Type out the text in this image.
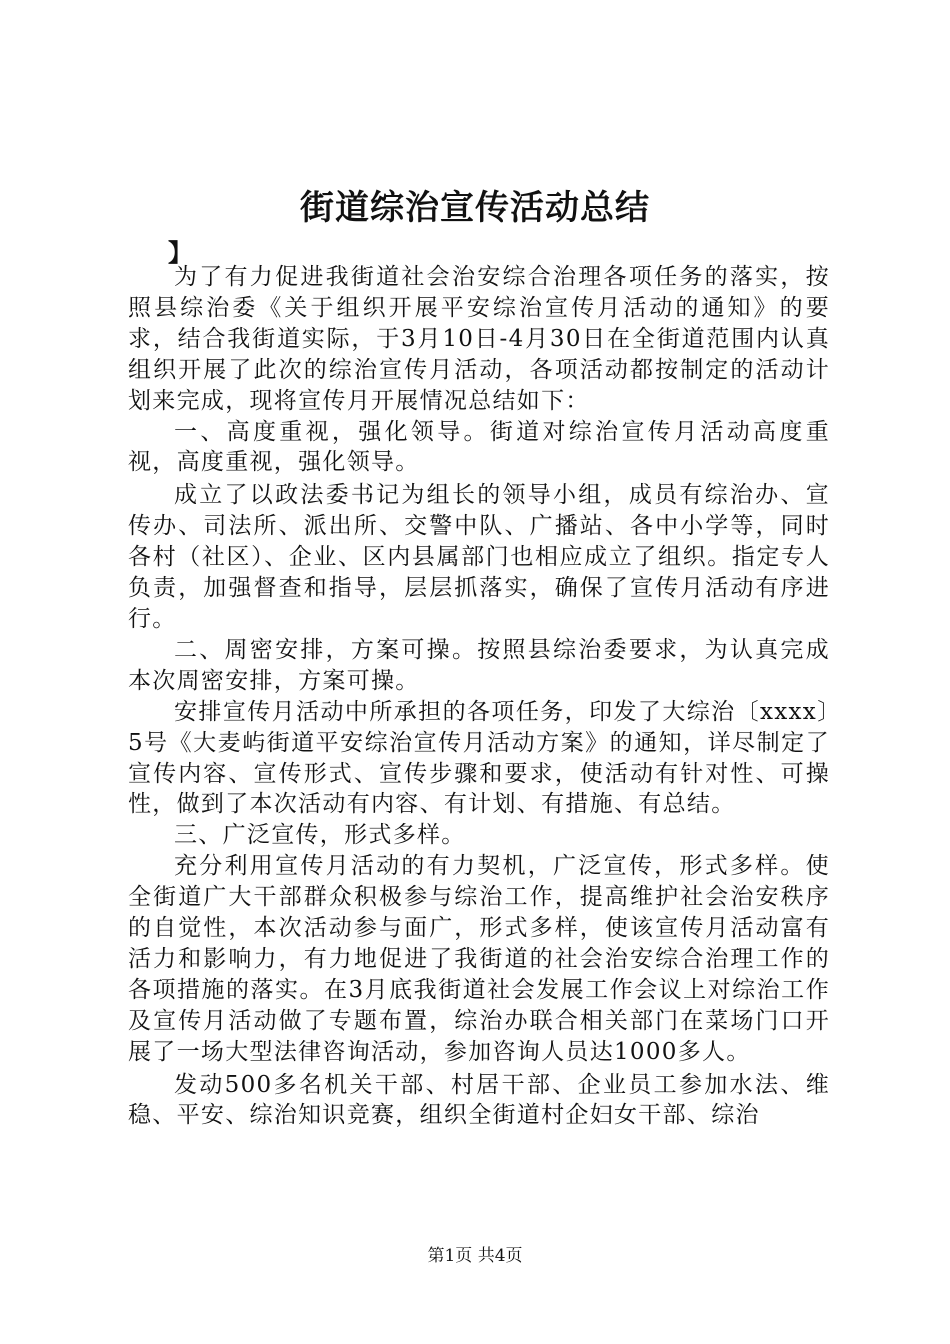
街道综治宣传活动总结
】

为了有力促进我街道社会治安综合治理各项任务的落实，按照县综治委《关于组织开展平安综治宣传月活动的通知》的要求，结合我街道实际，于3月10日-4月30日在全街道范围内认真组织开展了此次的综治宣传月活动，各项活动都按制定的活动计划来完成，现将宣传月开展情况总结如下：

一、高度重视，强化领导。街道对综治宣传月活动高度重视，高度重视，强化领导。

成立了以政法委书记为组长的领导小组，成员有综治办、宣传办、司法所、派出所、交警中队、广播站、各中小学等，同时各村（社区）、企业、区内县属部门也相应成立了组织。指定专人负责，加强督查和指导，层层抓落实，确保了宣传月活动有序进行。

二、周密安排，方案可操。按照县综治委要求，为认真完成本次周密安排，方案可操。

安排宣传月活动中所承担的各项任务，印发了大综治〔xxxx〕5号《大麦屿街道平安综治宣传月活动方案》的通知，详尽制定了宣传内容、宣传形式、宣传步骤和要求，使活动有针对性、可操性，做到了本次活动有内容、有计划、有措施、有总结。

三、广泛宣传，形式多样。

充分利用宣传月活动的有力契机，广泛宣传，形式多样。使全街道广大干部群众积极参与综治工作，提高维护社会治安秩序的自觉性，本次活动参与面广，形式多样，使该宣传月活动富有活力和影响力，有力地促进了我街道的社会治安综合治理工作的各项措施的落实。在3月底我街道社会发展工作会议上对综治工作及宣传月活动做了专题布置，综治办联合相关部门在菜场门口开展了一场大型法律咨询活动，参加咨询人员达1000多人。

发动500多名机关干部、村居干部、企业员工参加水法、维稳、平安、综治知识竞赛，组织全街道村企妇女干部、综治

第1页 共4页
